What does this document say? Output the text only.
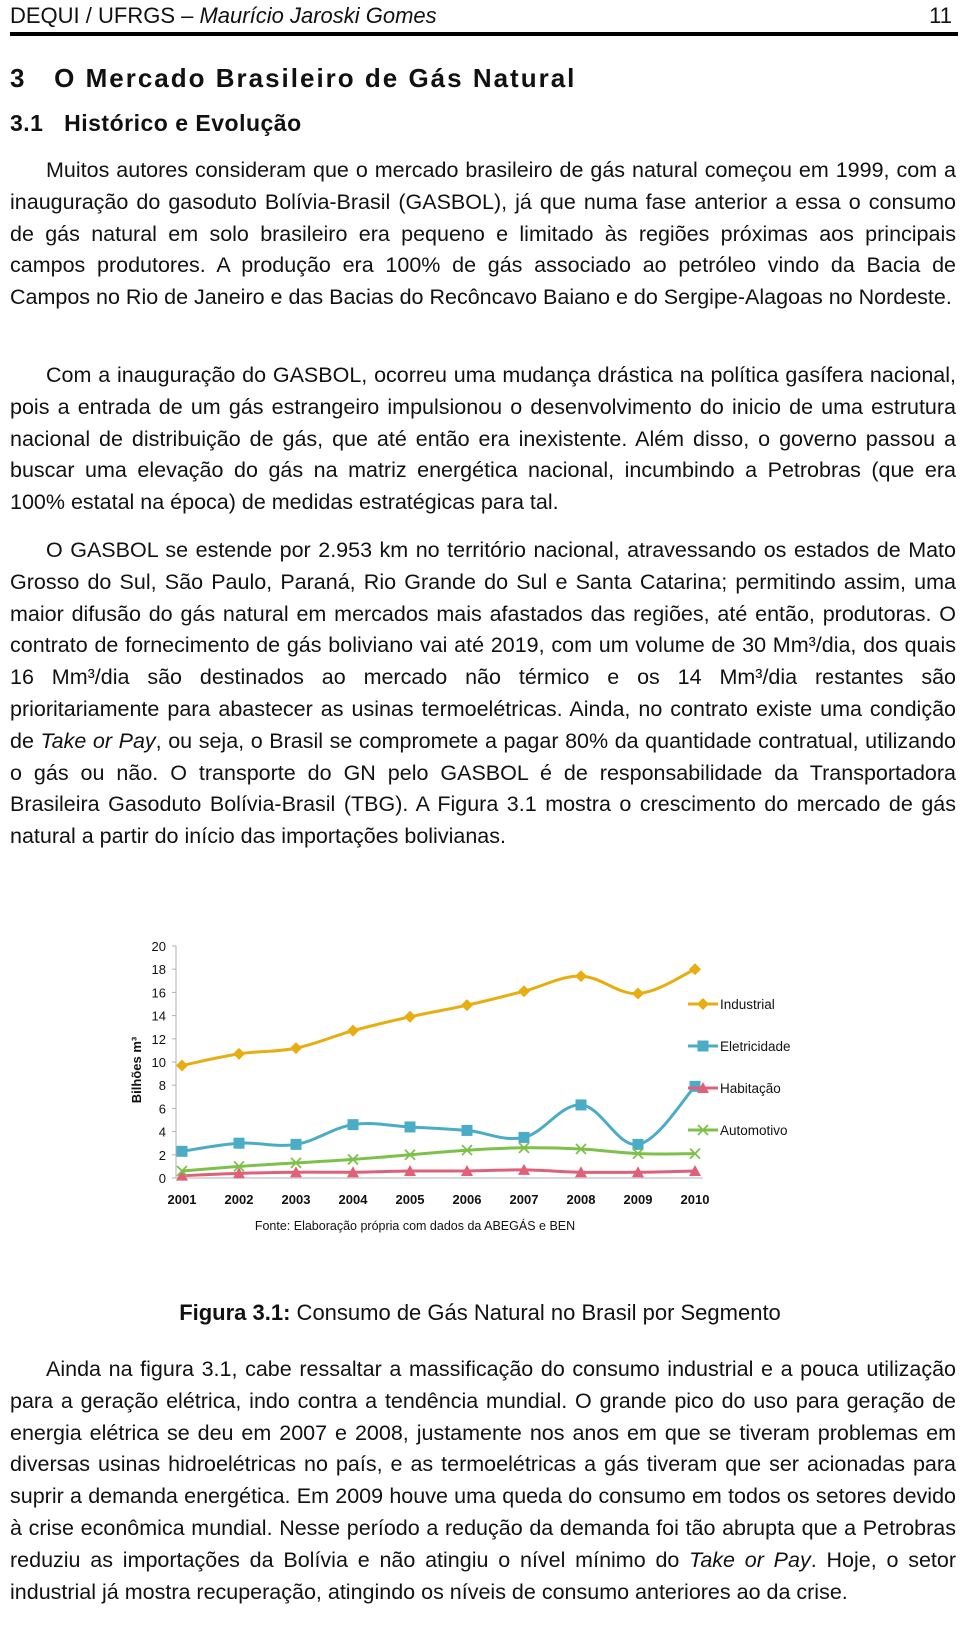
DEQUI / UFRGS – Maurício Jaroski Gomes	11
3   O Mercado Brasileiro de Gás Natural
3.1   Histórico e Evolução

Muitos autores consideram que o mercado brasileiro de gás natural começou em 1999, com a inauguração do gasoduto Bolívia-Brasil (GASBOL), já que numa fase anterior a essa o consumo de gás natural em solo brasileiro era pequeno e limitado às regiões próximas aos principais campos produtores. A produção era 100% de gás associado ao petróleo vindo da Bacia de Campos no Rio de Janeiro e das Bacias do Recôncavo Baiano e do Sergipe-Alagoas no Nordeste.

Com a inauguração do GASBOL, ocorreu uma mudança drástica na política gasífera nacional, pois a entrada de um gás estrangeiro impulsionou o desenvolvimento do inicio de uma estrutura nacional de distribuição de gás, que até então era inexistente. Além disso, o governo passou a buscar uma elevação do gás na matriz energética nacional, incumbindo a Petrobras (que era 100% estatal na época) de medidas estratégicas para tal.

O GASBOL se estende por 2.953 km no território nacional, atravessando os estados de Mato Grosso do Sul, São Paulo, Paraná, Rio Grande do Sul e Santa Catarina; permitindo assim, uma maior difusão do gás natural em mercados mais afastados das regiões, até então, produtoras. O contrato de fornecimento de gás boliviano vai até 2019, com um volume de 30 Mm³/dia, dos quais 16 Mm³/dia são destinados ao mercado não térmico e os 14 Mm³/dia restantes são prioritariamente para abastecer as usinas termoelétricas. Ainda, no contrato existe uma condição de Take or Pay, ou seja, o Brasil se compromete a pagar 80% da quantidade contratual, utilizando o gás ou não. O transporte do GN pelo GASBOL é de responsabilidade da Transportadora Brasileira Gasoduto Bolívia-Brasil (TBG). A Figura 3.1 mostra o crescimento do mercado de gás natural a partir do início das importações bolivianas.

Bilhões m³
0
2
4
6
8
10
12
14
16
18
20
2001 2002 2003 2004 2005 2006 2007 2008 2009 2010
Industrial
Eletricidade
Habitação
Automotivo
Fonte: Elaboração própria com dados da ABEGÁS e BEN
Figura 3.1: Consumo de Gás Natural no Brasil por Segmento

Ainda na figura 3.1, cabe ressaltar a massificação do consumo industrial e a pouca utilização para a geração elétrica, indo contra a tendência mundial. O grande pico do uso para geração de energia elétrica se deu em 2007 e 2008, justamente nos anos em que se tiveram problemas em diversas usinas hidroelétricas no país, e as termoelétricas a gás tiveram que ser acionadas para suprir a demanda energética. Em 2009 houve uma queda do consumo em todos os setores devido à crise econômica mundial. Nesse período a redução da demanda foi tão abrupta que a Petrobras reduziu as importações da Bolívia e não atingiu o nível mínimo do Take or Pay. Hoje, o setor industrial já mostra recuperação, atingindo os níveis de consumo anteriores ao da crise.
